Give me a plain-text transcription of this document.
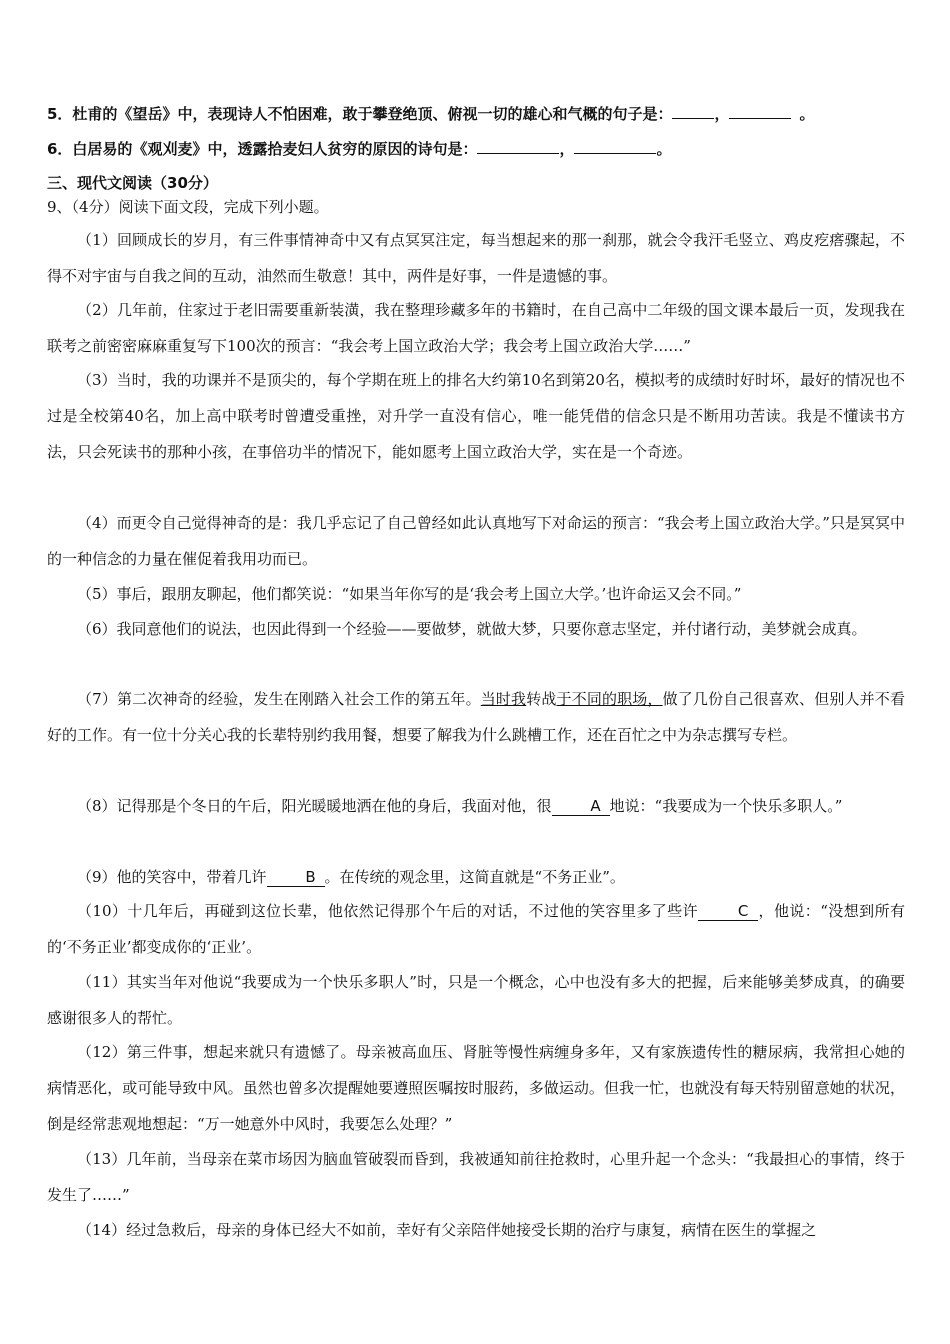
5．杜甫的《望岳》中，表现诗人不怕困难，敢于攀登绝顶、俯视一切的雄心和气概的句子是：	，	。
6．白居易的《观刈麦》中，透露拾麦妇人贫穷的原因的诗句是：	，	。
三、现代文阅读（30分）
9、（4分）阅读下面文段，完成下列小题。
（1）回顾成长的岁月，有三件事情神奇中又有点冥冥注定，每当想起来的那一刹那，就会令我汗毛竖立、鸡皮疙瘩骤起，不得不对宇宙与自我之间的互动，油然而生敬意！其中，两件是好事，一件是遗憾的事。
（2）几年前，住家过于老旧需要重新装潢，我在整理珍藏多年的书籍时，在自己高中二年级的国文课本最后一页，发现我在联考之前密密麻麻重复写下100次的预言：“我会考上国立政治大学；我会考上国立政治大学……”
（3）当时，我的功课并不是顶尖的，每个学期在班上的排名大约第10名到第20名，模拟考的成绩时好时坏，最好的情况也不过是全校第40名，加上高中联考时曾遭受重挫，对升学一直没有信心，唯一能凭借的信念只是不断用功苦读。我是不懂读书方法，只会死读书的那种小孩，在事倍功半的情况下，能如愿考上国立政治大学，实在是一个奇迹。
（4）而更令自己觉得神奇的是：我几乎忘记了自己曾经如此认真地写下对命运的预言：“我会考上国立政治大学。”只是冥冥中的一种信念的力量在催促着我用功而已。
（5）事后，跟朋友聊起，他们都笑说：“如果当年你写的是‘我会考上国立大学。’也许命运又会不同。”
（6）我同意他们的说法，也因此得到一个经验——要做梦，就做大梦，只要你意志坚定，并付诸行动，美梦就会成真。
（7）第二次神奇的经验，发生在刚踏入社会工作的第五年。当时我转战于不同的职场，做了几份自己很喜欢、但别人并不看好的工作。有一位十分关心我的长辈特别约我用餐，想要了解我为什么跳槽工作，还在百忙之中为杂志撰写专栏。
（8）记得那是个冬日的午后，阳光暖暖地洒在他的身后，我面对他，很	A 地说：“我要成为一个快乐多职人。”
（9）他的笑容中，带着几许	B 。在传统的观念里，这简直就是“不务正业”。
（10）十几年后，再碰到这位长辈，他依然记得那个午后的对话，不过他的笑容里多了些许	C ，他说：“没想到所有的‘不务正业’都变成你的‘正业’。
（11）其实当年对他说“我要成为一个快乐多职人”时，只是一个概念，心中也没有多大的把握，后来能够美梦成真，的确要感谢很多人的帮忙。
（12）第三件事，想起来就只有遗憾了。母亲被高血压、肾脏等慢性病缠身多年，又有家族遗传性的糖尿病，我常担心她的病情恶化，或可能导致中风。虽然也曾多次提醒她要遵照医嘱按时服药，多做运动。但我一忙，也就没有每天特别留意她的状况，倒是经常悲观地想起：“万一她意外中风时，我要怎么处理？”
（13）几年前，当母亲在菜市场因为脑血管破裂而昏到，我被通知前往抢救时，心里升起一个念头：“我最担心的事情，终于发生了……”
（14）经过急救后，母亲的身体已经大不如前，幸好有父亲陪伴她接受长期的治疗与康复，病情在医生的掌握之
